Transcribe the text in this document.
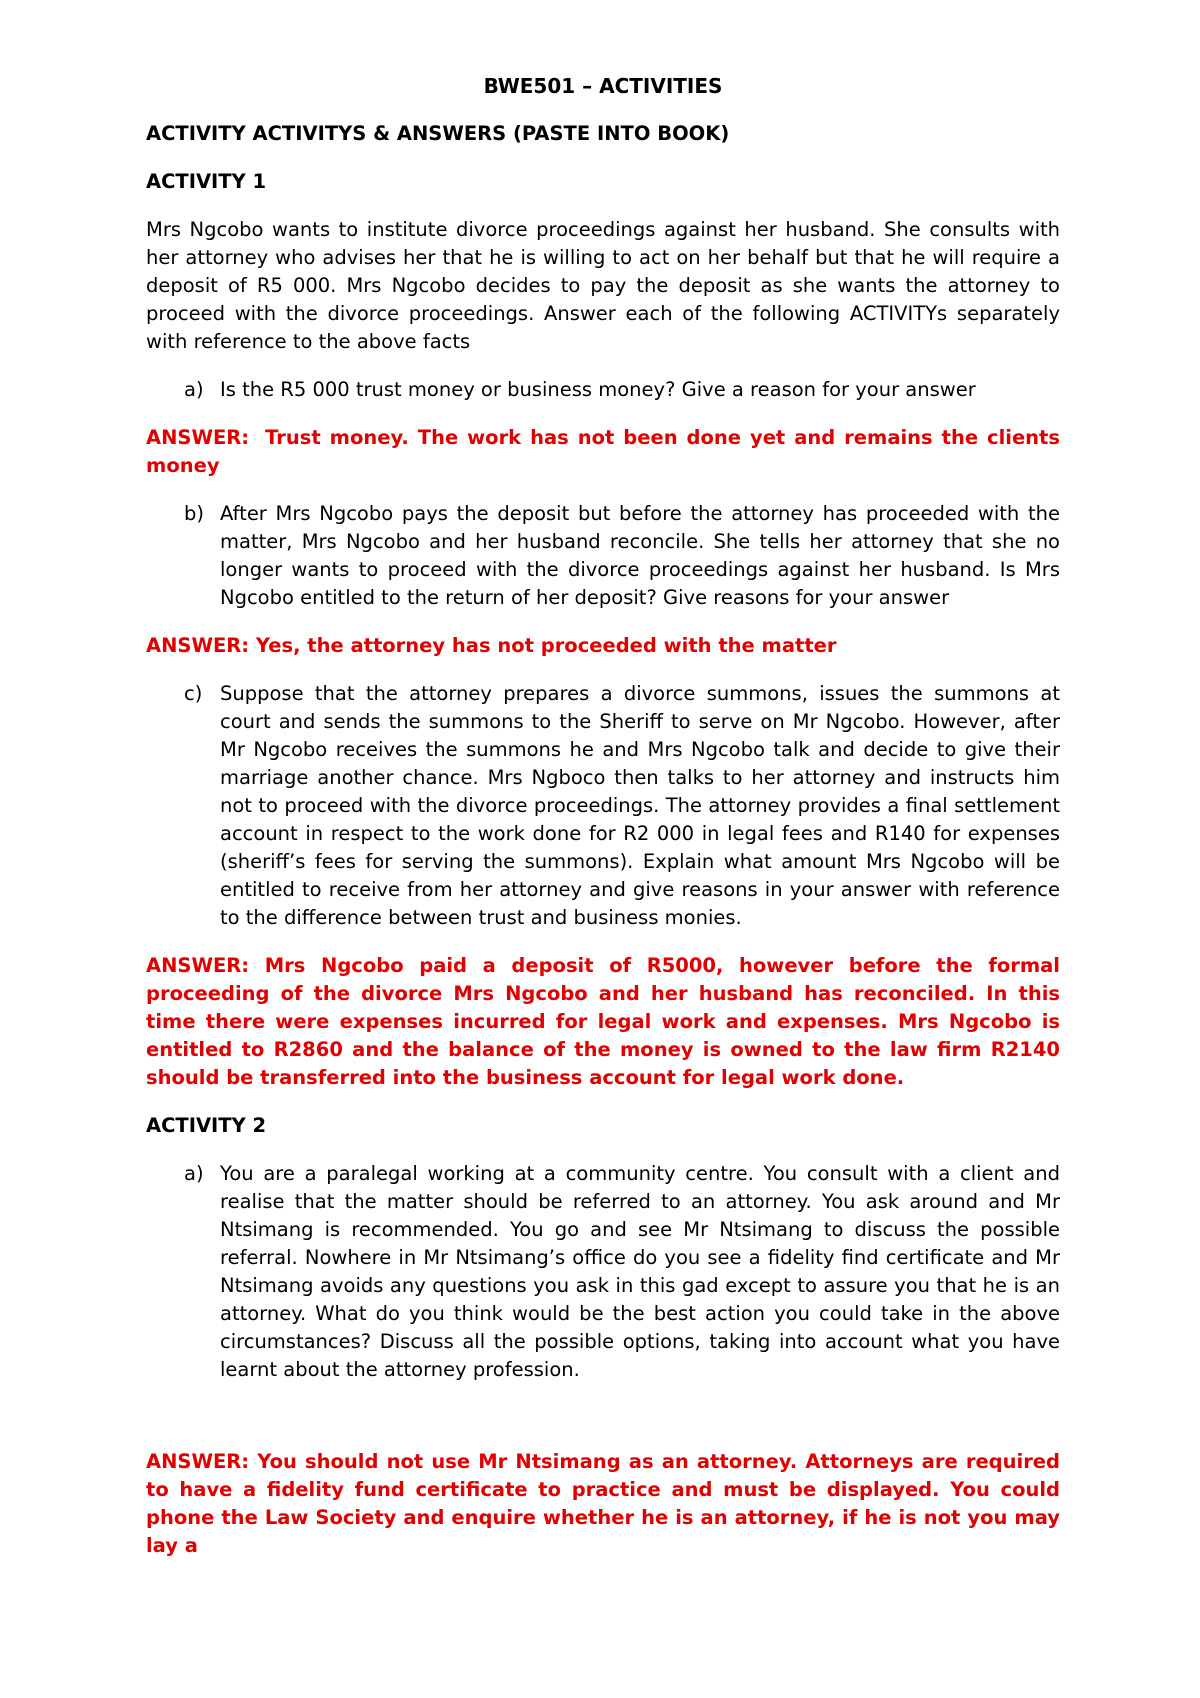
BWE501 – ACTIVITIES
ACTIVITY ACTIVITYS & ANSWERS (PASTE INTO BOOK)
ACTIVITY 1
Mrs Ngcobo wants to institute divorce proceedings against her husband. She consults with her attorney who advises her that he is willing to act on her behalf but that he will require a deposit of R5 000. Mrs Ngcobo decides to pay the deposit as she wants the attorney to proceed with the divorce proceedings. Answer each of the following ACTIVITYs separately with reference to the above facts
a) Is the R5 000 trust money or business money? Give a reason for your answer
ANSWER: Trust money. The work has not been done yet and remains the clients money
b) After Mrs Ngcobo pays the deposit but before the attorney has proceeded with the matter, Mrs Ngcobo and her husband reconcile. She tells her attorney that she no longer wants to proceed with the divorce proceedings against her husband. Is Mrs Ngcobo entitled to the return of her deposit? Give reasons for your answer
ANSWER: Yes, the attorney has not proceeded with the matter
c) Suppose that the attorney prepares a divorce summons, issues the summons at court and sends the summons to the Sheriff to serve on Mr Ngcobo. However, after Mr Ngcobo receives the summons he and Mrs Ngcobo talk and decide to give their marriage another chance. Mrs Ngboco then talks to her attorney and instructs him not to proceed with the divorce proceedings. The attorney provides a final settlement account in respect to the work done for R2 000 in legal fees and R140 for expenses (sheriff’s fees for serving the summons). Explain what amount Mrs Ngcobo will be entitled to receive from her attorney and give reasons in your answer with reference to the difference between trust and business monies.
ANSWER: Mrs Ngcobo paid a deposit of R5000, however before the formal proceeding of the divorce Mrs Ngcobo and her husband has reconciled. In this time there were expenses incurred for legal work and expenses. Mrs Ngcobo is entitled to R2860 and the balance of the money is owned to the law firm R2140 should be transferred into the business account for legal work done.
ACTIVITY 2
a) You are a paralegal working at a community centre. You consult with a client and realise that the matter should be referred to an attorney. You ask around and Mr Ntsimang is recommended. You go and see Mr Ntsimang to discuss the possible referral. Nowhere in Mr Ntsimang’s office do you see a fidelity find certificate and Mr Ntsimang avoids any questions you ask in this gad except to assure you that he is an attorney. What do you think would be the best action you could take in the above circumstances? Discuss all the possible options, taking into account what you have learnt about the attorney profession.
ANSWER: You should not use Mr Ntsimang as an attorney. Attorneys are required to have a fidelity fund certificate to practice and must be displayed. You could phone the Law Society and enquire whether he is an attorney, if he is not you may lay a
